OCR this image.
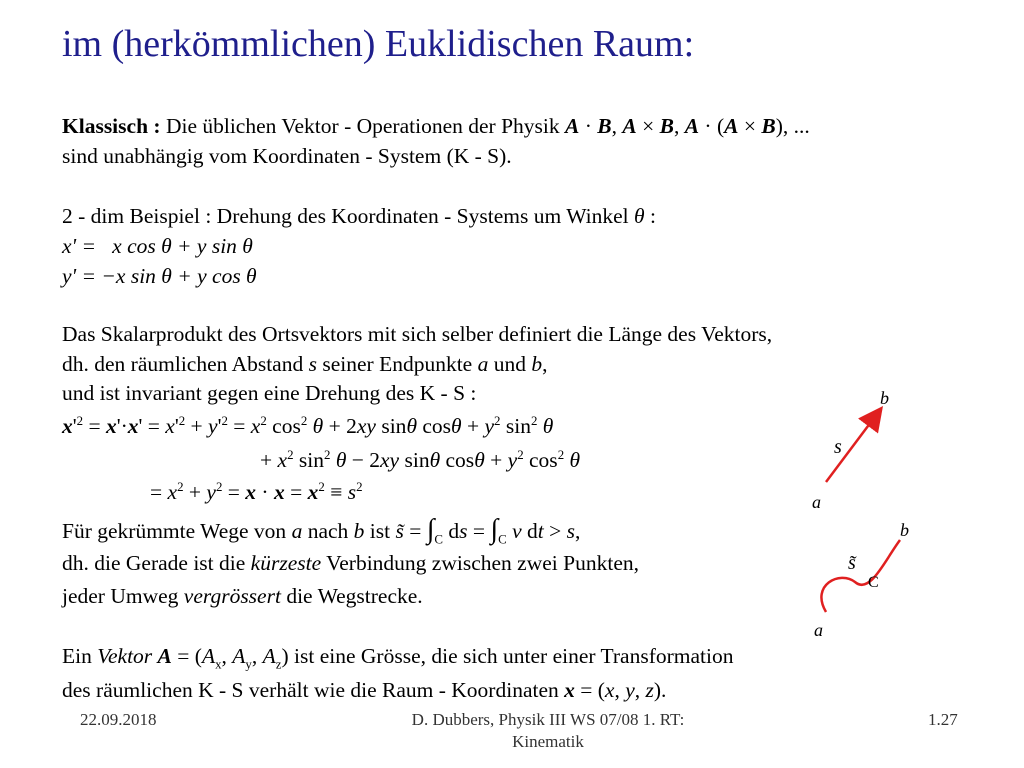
im (herkömmlichen) Euklidischen Raum:
Klassisch : Die üblichen Vektor - Operationen der Physik A · B, A × B, A · (A × B), ...
sind unabhängig vom Koordinaten - System (K - S).
2 - dim Beispiel : Drehung des Koordinaten - Systems um Winkel θ :
x' =   x cos θ + y sin θ
y' = −x sin θ + y cos θ
Das Skalarprodukt des Ortsvektors mit sich selber definiert die Länge des Vektors,
dh. den räumlichen Abstand s seiner Endpunkte a und b,
und ist invariant gegen eine Drehung des K - S :
$x'^2 = x'\cdot x' = x'^2 + y'^2 = x^2$ $\cos^2 \theta + 2xy$ sinθ $\cos\theta + y^2$ $\sin^2 \theta$
+ $x^2$ $\sin^2 \theta - 2xy$ sinθ $\cos\theta + y^2$ $\cos^2 \theta$
= $x^2 + y^2 = x \cdot x = x^2 \equiv s^2$
Für gekrümmte Wege von a nach b ist s̃ = $\int_C$ ds = $\int_C$ v dt > s,
dh. die Gerade ist die kürzeste Verbindung zwischen zwei Punkten,
jeder Umweg vergrössert die Wegstrecke.
Ein Vektor $A = (A_x$, $A_y$, $A_z$) ist eine Grösse, die sich unter einer Transformation
des räumlichen K - S verhält wie die Raum - Koordinaten x = (x, y, z).
b
s
a
b
s̃
C
a
22.09.2018	D. Dubbers, Physik III WS 07/08 1. RT:
Kinematik
1.27
